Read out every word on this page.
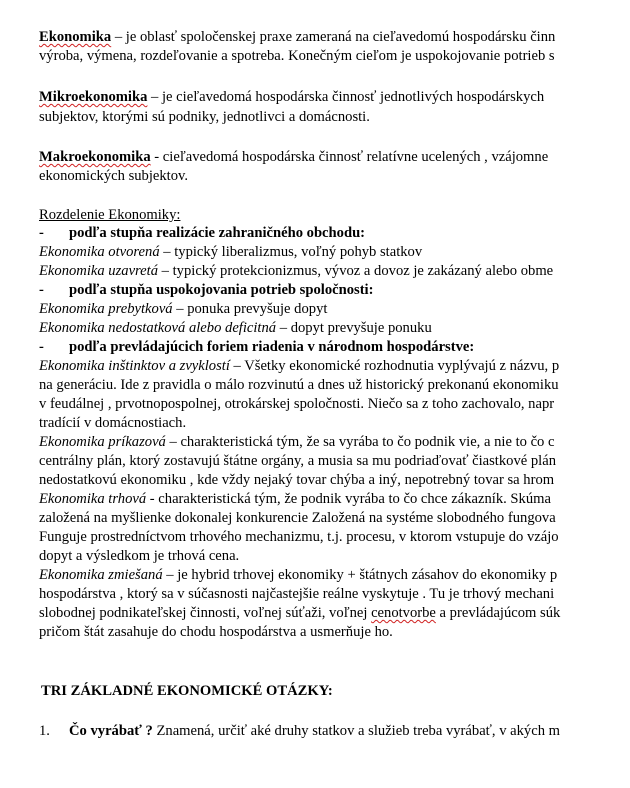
Ekonomika – je oblasť spoločenskej praxe zameraná na cieľavedomú hospodársku činn
výroba, výmena, rozdeľovanie a spotreba. Konečným cieľom je uspokojovanie potrieb s
Mikroekonomika – je cieľavedomá hospodárska činnosť jednotlivých hospodárskych
subjektov, ktorými sú podniky, jednotlivci a domácnosti.
Makroekonomika - cieľavedomá hospodárska činnosť relatívne ucelených , vzájomne
ekonomických subjektov.
Rozdelenie Ekonomiky:
- podľa stupňa realizácie zahraničného obchodu:
Ekonomika otvorená – typický liberalizmus, voľný pohyb statkov
Ekonomika uzavretá – typický protekcionizmus, vývoz a dovoz je zakázaný alebo obme
- podľa stupňa uspokojovania potrieb spoločnosti:
Ekonomika prebytková – ponuka prevyšuje dopyt
Ekonomika nedostatková alebo deficitná – dopyt prevyšuje ponuku
- podľa prevládajúcich foriem riadenia v národnom hospodárstve:
Ekonomika inštinktov a zvyklostí – Všetky ekonomické rozhodnutia vyplývajú z názvu, p
na generáciu. Ide z pravidla o málo rozvinutú a dnes už historický prekonanú ekonomiku
v feudálnej , prvotnopospolnej, otrokárskej spoločnosti. Niečo sa z toho zachovalo, napr
tradícií v domácnostiach.
Ekonomika príkazová – charakteristická tým, že sa vyrába to čo podnik vie, a nie to čo c
centrálny plán, ktorý zostavujú štátne orgány, a musia sa mu podriaďovať čiastkové plán
nedostatkovú ekonomiku , kde vždy nejaký tovar chýba a iný, nepotrebný tovar sa hrom
Ekonomika trhová - charakteristická tým, že podnik vyrába to čo chce zákazník. Skúma
založená na myšlienke dokonalej konkurencie Založená na systéme slobodného fungova
Funguje prostredníctvom trhového mechanizmu, t.j. procesu, v ktorom vstupuje do vzájo
dopyt a výsledkom je trhová cena.
Ekonomika zmiešaná – je hybrid trhovej ekonomiky + štátnych zásahov do ekonomiky p
hospodárstva , ktorý sa v súčasnosti najčastejšie reálne vyskytuje . Tu je trhový mechani
slobodnej podnikateľskej činnosti, voľnej súťaži, voľnej cenotvorbe a prevládajúcom súk
pričom štát zasahuje do chodu hospodárstva a usmerňuje ho.
TRI ZÁKLADNÉ EKONOMICKÉ OTÁZKY:
1. Čo vyrábať ? Znamená, určiť aké druhy statkov a služieb treba vyrábať, v akých m
